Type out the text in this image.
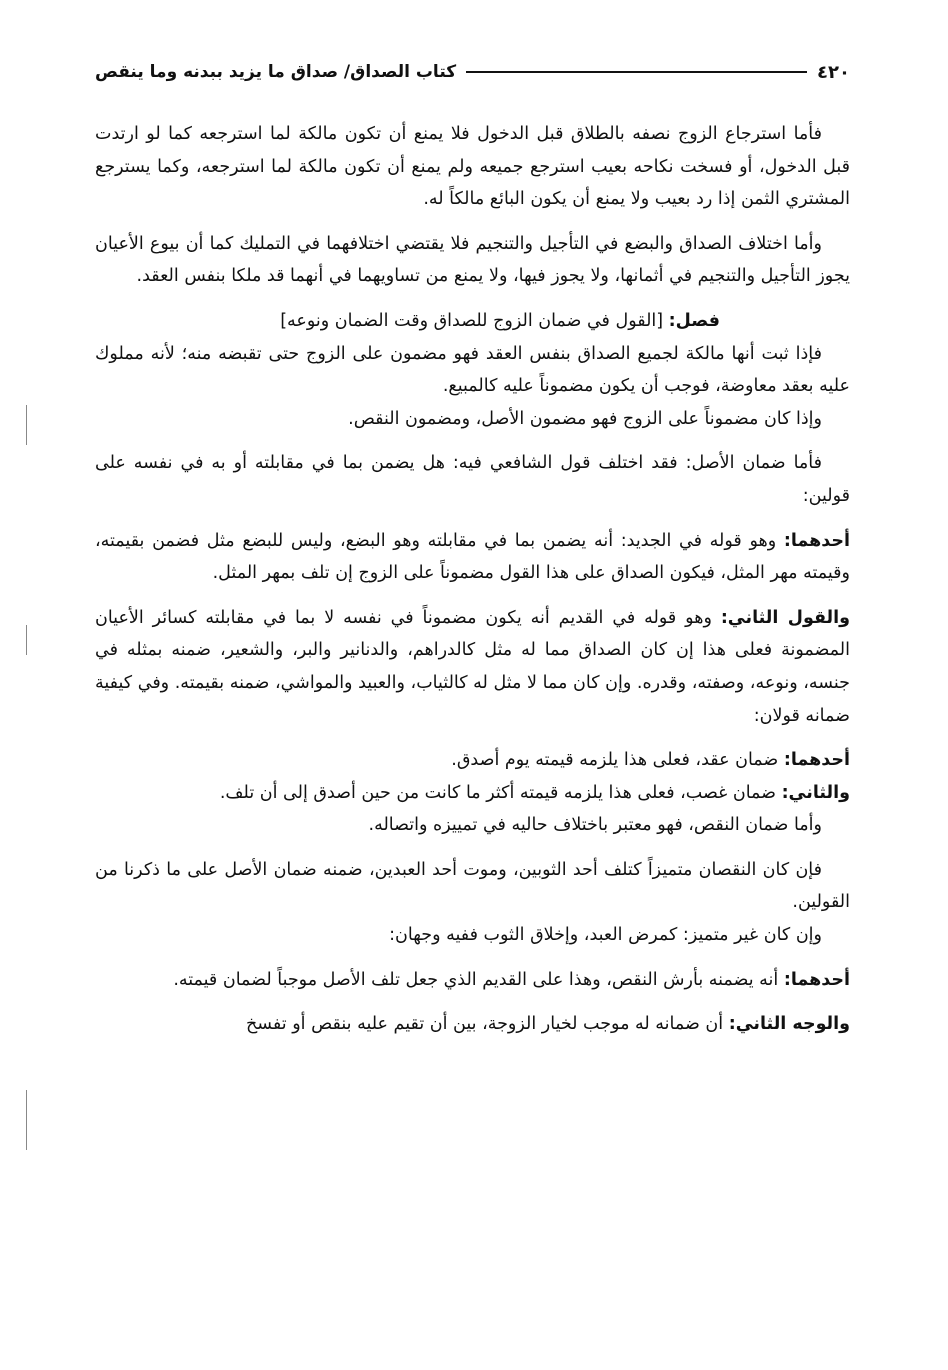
٤٢٠
كتاب الصداق/ صداق ما يزيد ببدنه وما ينقص

فأما استرجاع الزوج نصفه بالطلاق قبل الدخول فلا يمنع أن تكون مالكة لما استرجعه كما لو ارتدت قبل الدخول، أو فسخت نكاحه بعيب استرجع جميعه ولم يمنع أن تكون مالكة لما استرجعه، وكما يسترجع المشتري الثمن إذا رد بعيب ولا يمنع أن يكون البائع مالكاً له.

وأما اختلاف الصداق والبضع في التأجيل والتنجيم فلا يقتضي اختلافهما في التمليك كما أن بيوع الأعيان يجوز التأجيل والتنجيم في أثمانها، ولا يجوز فيها، ولا يمنع من تساويهما في أنهما قد ملكا بنفس العقد.

فصل: [القول في ضمان الزوج للصداق وقت الضمان ونوعه]

فإذا ثبت أنها مالكة لجميع الصداق بنفس العقد فهو مضمون على الزوج حتى تقبضه منه؛ لأنه مملوك عليه بعقد معاوضة، فوجب أن يكون مضموناً عليه كالمبيع.

وإذا كان مضموناً على الزوج فهو مضمون الأصل، ومضمون النقص.

فأما ضمان الأصل: فقد اختلف قول الشافعي فيه: هل يضمن بما في مقابلته أو به في نفسه على قولين:

أحدهما: وهو قوله في الجديد: أنه يضمن بما في مقابلته وهو البضع، وليس للبضع مثل فضمن بقيمته، وقيمته مهر المثل، فيكون الصداق على هذا القول مضموناً على الزوج إن تلف بمهر المثل.

والقول الثاني: وهو قوله في القديم أنه يكون مضموناً في نفسه لا بما في مقابلته كسائر الأعيان المضمونة فعلى هذا إن كان الصداق مما له مثل كالدراهم، والدنانير والبر، والشعير، ضمنه بمثله في جنسه، ونوعه، وصفته، وقدره. وإن كان مما لا مثل له كالثياب، والعبيد والمواشي، ضمنه بقيمته. وفي كيفية ضمانه قولان:

أحدهما: ضمان عقد، فعلى هذا يلزمه قيمته يوم أصدق.

والثاني: ضمان غصب، فعلى هذا يلزمه قيمته أكثر ما كانت من حين أصدق إلى أن تلف.

وأما ضمان النقص، فهو معتبر باختلاف حاليه في تمييزه واتصاله.

فإن كان النقصان متميزاً كتلف أحد الثوبين، وموت أحد العبدين، ضمنه ضمان الأصل على ما ذكرنا من القولين.

وإن كان غير متميز: كمرض العبد، وإخلاق الثوب ففيه وجهان:

أحدهما: أنه يضمنه بأرش النقص، وهذا على القديم الذي جعل تلف الأصل موجباً لضمان قيمته.

والوجه الثاني: أن ضمانه له موجب لخيار الزوجة، بين أن تقيم عليه بنقص أو تفسخ
